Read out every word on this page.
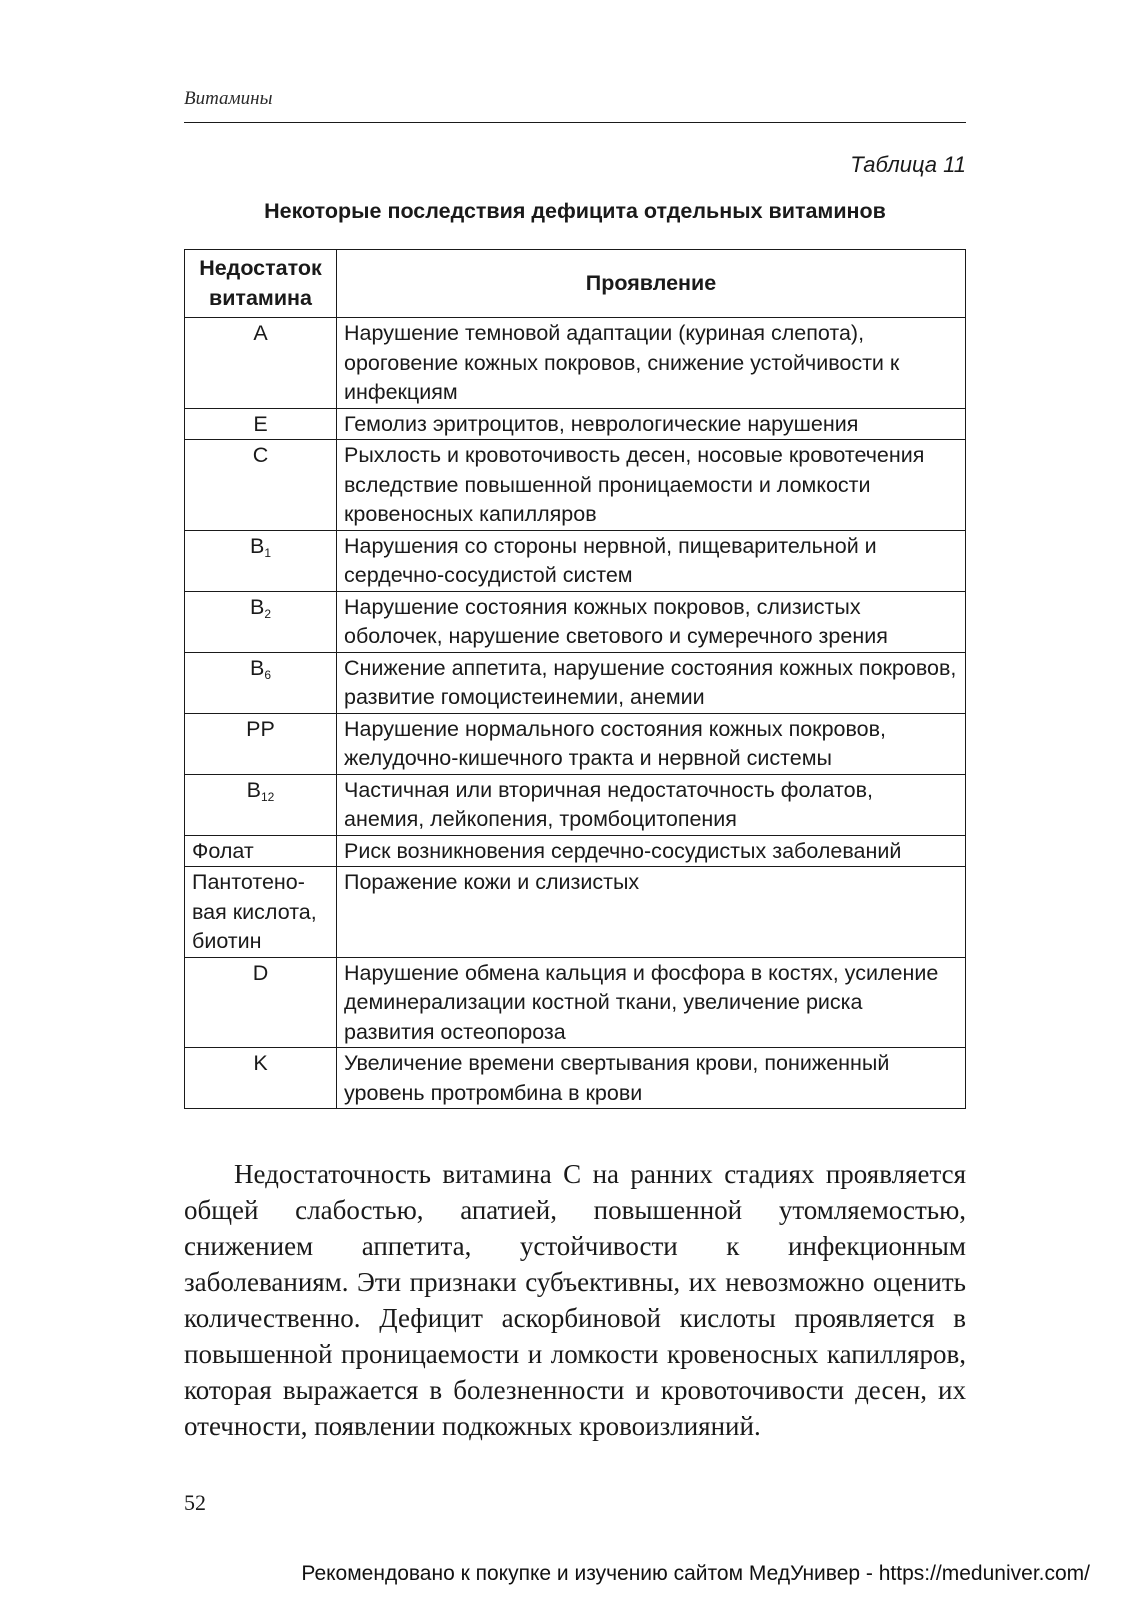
Витамины
Таблица 11
Некоторые последствия дефицита отдельных витаминов
Недостаток витамина	Проявление
A	Нарушение темновой адаптации (куриная слепота), ороговение кожных покровов, снижение устойчивости к инфекциям
E	Гемолиз эритроцитов, неврологические нарушения
C	Рыхлость и кровоточивость десен, носовые кровотечения вследствие повышенной проницаемости и ломкости кровеносных капилляров
$B_1$	Нарушения со стороны нервной, пищеварительной и сердечно-сосудистой систем
$B_2$	Нарушение состояния кожных покровов, слизистых оболочек, нарушение светового и сумеречного зрения
$B_6$	Снижение аппетита, нарушение состояния кожных покровов, развитие гомоцистеинемии, анемии
PP	Нарушение нормального состояния кожных покровов, желудочно-кишечного тракта и нервной системы
$B_{12}$	Частичная или вторичная недостаточность фолатов, анемия, лейкопения, тромбоцитопения
Фолат	Риск возникновения сердечно-сосудистых заболеваний
Пантотеновая кислота, биотин	Поражение кожи и слизистых
D	Нарушение обмена кальция и фосфора в костях, усиление деминерализации костной ткани, увеличение риска развития остеопороза
K	Увеличение времени свертывания крови, пониженный уровень протромбина в крови

Недостаточность витамина C на ранних стадиях проявляется общей слабостью, апатией, повышенной утомляемостью, снижением аппетита, устойчивости к инфекционным заболеваниям. Эти признаки субъективны, их невозможно оценить количественно. Дефицит аскорбиновой кислоты проявляется в повышенной проницаемости и ломкости кровеносных капилляров, которая выражается в болезненности и кровоточивости десен, их отечности, появлении подкожных кровоизлияний.

52
Рекомендовано к покупке и изучению сайтом МедУнивер - https://meduniver.com/
